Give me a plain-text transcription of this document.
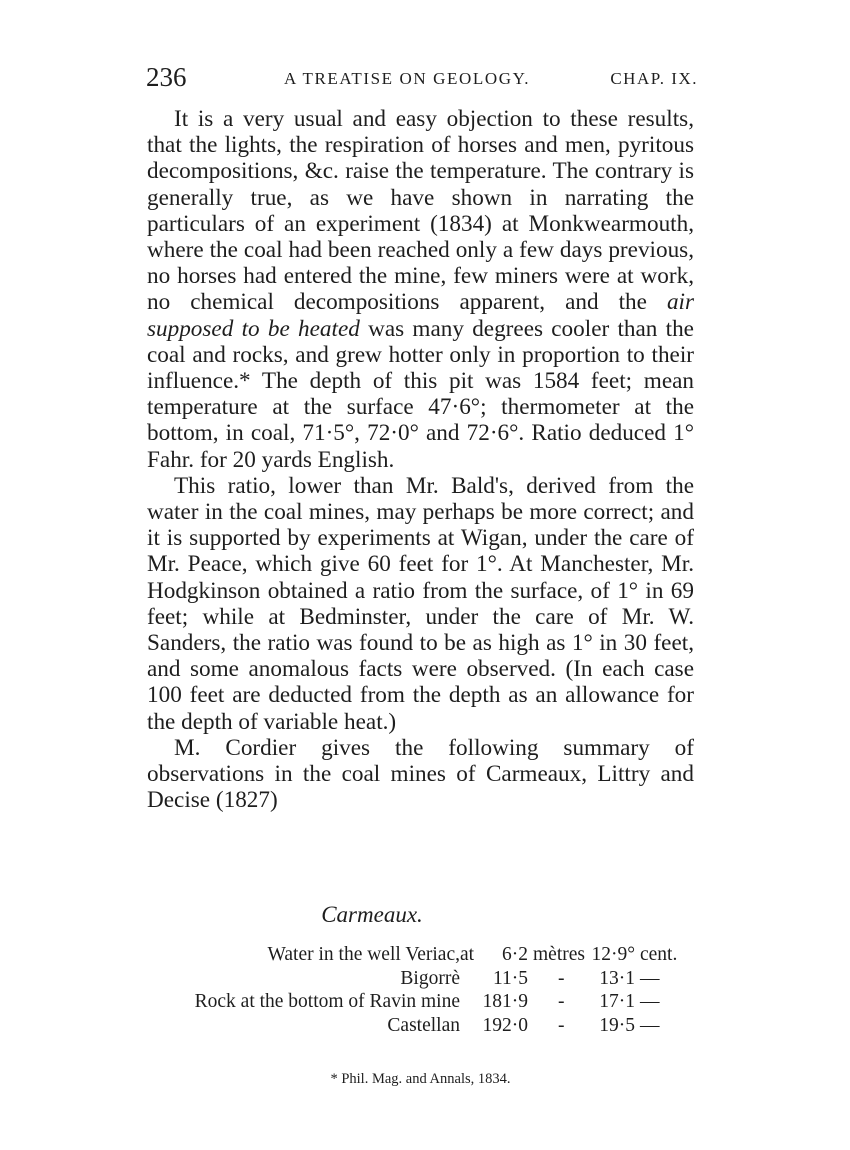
236	A TREATISE ON GEOLOGY.	CHAP. IX.

It is a very usual and easy objection to these results, that the lights, the respiration of horses and men, pyritous decompositions, &c. raise the temperature. The contrary is generally true, as we have shown in narrating the particulars of an experiment (1834) at Monkwearmouth, where the coal had been reached only a few days previous, no horses had entered the mine, few miners were at work, no chemical decompositions apparent, and the air supposed to be heated was many degrees cooler than the coal and rocks, and grew hotter only in proportion to their influence.* The depth of this pit was 1584 feet; mean temperature at the surface 47·6°; thermometer at the bottom, in coal, 71·5°, 72·0° and 72·6°. Ratio deduced 1° Fahr. for 20 yards English.

This ratio, lower than Mr. Bald's, derived from the water in the coal mines, may perhaps be more correct; and it is supported by experiments at Wigan, under the care of Mr. Peace, which give 60 feet for 1°. At Manchester, Mr. Hodgkinson obtained a ratio from the surface, of 1° in 69 feet; while at Bedminster, under the care of Mr. W. Sanders, the ratio was found to be as high as 1° in 30 feet, and some anomalous facts were observed. (In each case 100 feet are deducted from the depth as an allowance for the depth of variable heat.)

M. Cordier gives the following summary of observations in the coal mines of Carmeaux, Littry and Decise (1827)

Carmeaux.
Water in the well Veriac, at	6·2 mètres 12·9° cent.
Bigorrè	11·5 -	13·1 —
Rock at the bottom of Ravin mine	181·9 -	17·1 —
Castellan	192·0 -	19·5 —
* Phil. Mag. and Annals, 1834.
